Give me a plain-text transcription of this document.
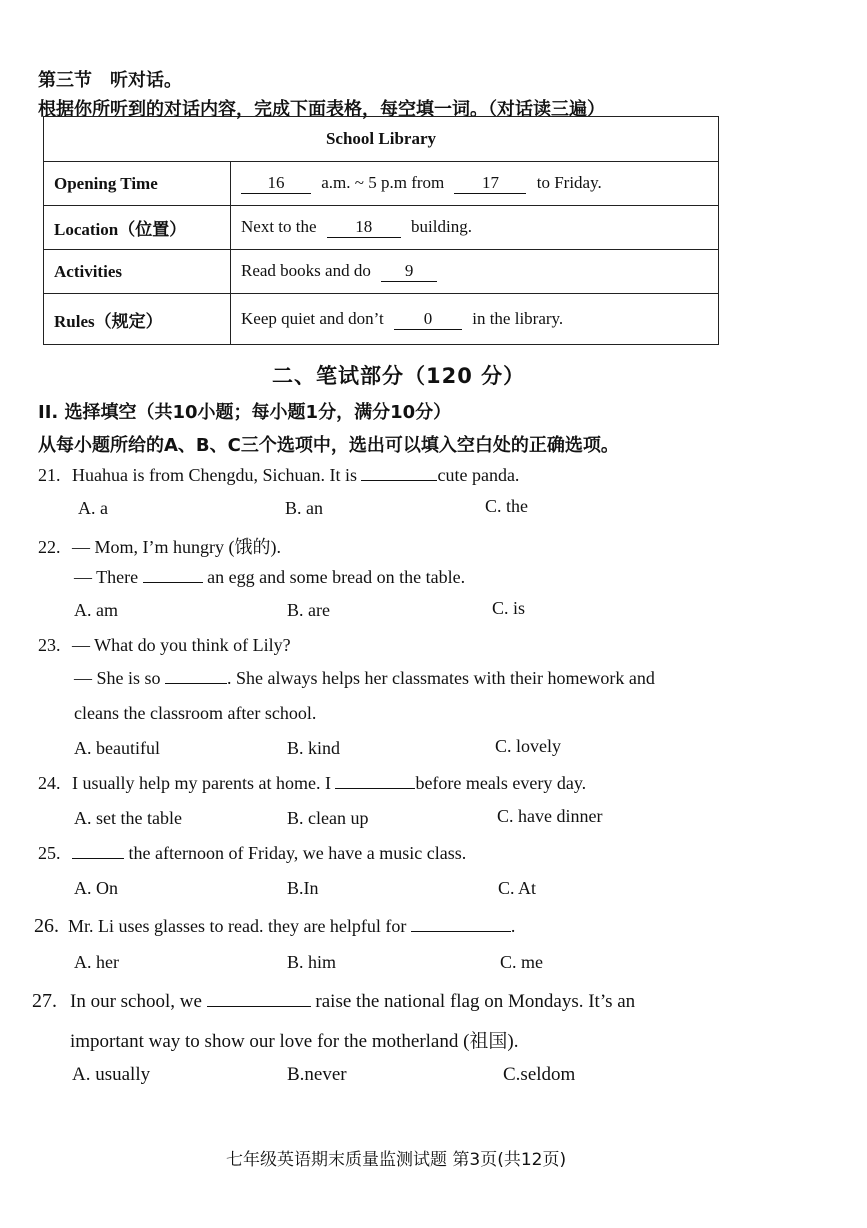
第三节 听对话。
根据你所听到的对话内容，完成下面表格，每空填一词。（对话读三遍）
School Library	
Opening Time	16 a.m. ~ 5 p.m from 17 to Friday.
Location（位置）	Next to the 18 building.
Activities	Read books and do 9
Rules（规定）	Keep quiet and don’t 0 in the library.
二、笔试部分（120 分）
II. 选择填空（共10小题；每小题1分，满分10分）
从每小题所给的A、B、C三个选项中，选出可以填入空白处的正确选项。
21. Huahua is from Chengdu, Sichuan. It is	cute panda.
A. a	B. an	C. the
22. — Mom, I’m hungry (饿的).
— There	an egg and some bread on the table.
A. am	B. are	C. is
23. — What do you think of Lily?
— She is so	. She always helps her classmates with their homework and
cleans the classroom after school.
A. beautiful	B. kind	C. lovely
24. I usually help my parents at home. I	before meals every day.
A. set the table	B. clean up	C. have dinner
25.	the afternoon of Friday, we have a music class.
A. On	B.In	C. At
26. Mr. Li uses glasses to read. they are helpful for	.
A. her	B. him	C. me
27. In our school, we	raise the national flag on Mondays. It’s an
important way to show our love for the motherland (祖国).
A. usually	B.never	C.seldom
七年级英语期末质量监测试题 第3页(共12页)
